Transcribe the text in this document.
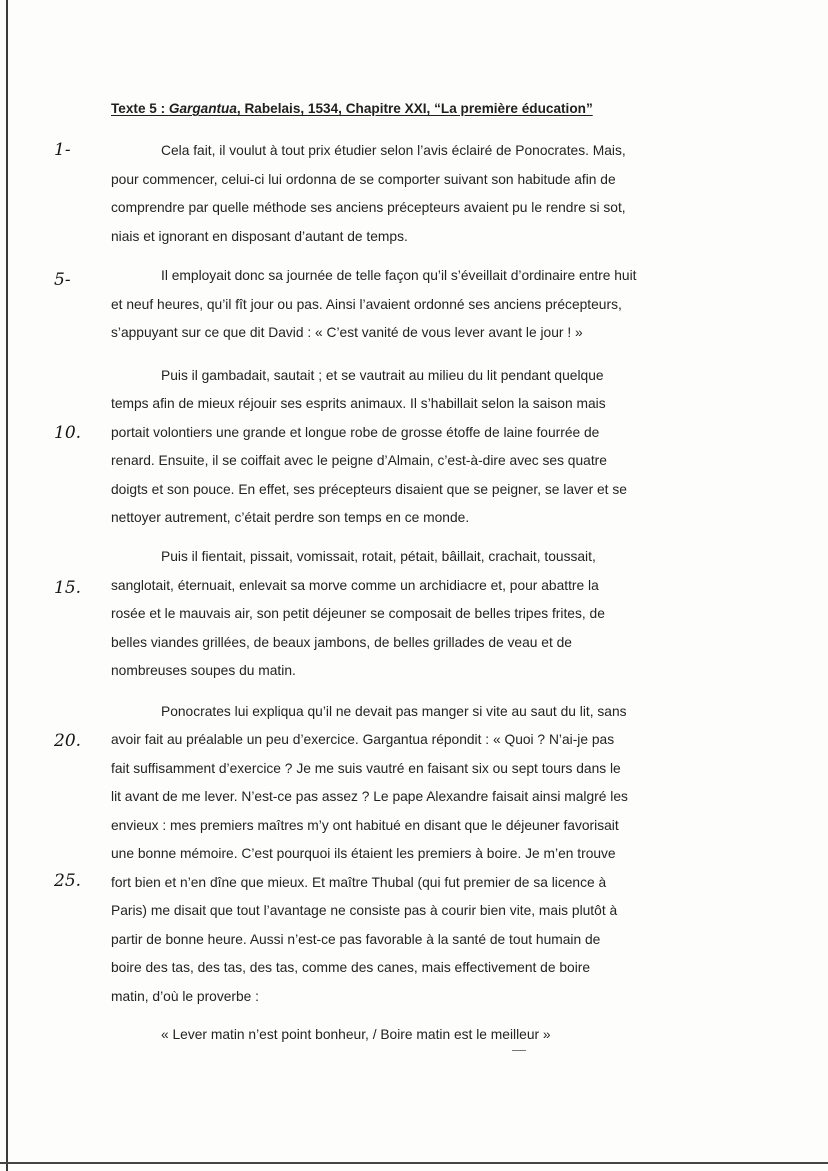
Texte 5 : Gargantua, Rabelais, 1534, Chapitre XXI, “La première éducation”
1-
5-
10.
15.
20.
25.
Cela fait, il voulut à tout prix étudier selon l’avis éclairé de Ponocrates. Mais,
pour commencer, celui-ci lui ordonna de se comporter suivant son habitude afin de
comprendre par quelle méthode ses anciens précepteurs avaient pu le rendre si sot,
niais et ignorant en disposant d’autant de temps.
Il employait donc sa journée de telle façon qu’il s’éveillait d’ordinaire entre huit
et neuf heures, qu’il fît jour ou pas. Ainsi l’avaient ordonné ses anciens précepteurs,
s’appuyant sur ce que dit David : « C’est vanité de vous lever avant le jour ! »
Puis il gambadait, sautait ; et se vautrait au milieu du lit pendant quelque
temps afin de mieux réjouir ses esprits animaux. Il s’habillait selon la saison mais
portait volontiers une grande et longue robe de grosse étoffe de laine fourrée de
renard. Ensuite, il se coiffait avec le peigne d’Almain, c’est-à-dire avec ses quatre
doigts et son pouce. En effet, ses précepteurs disaient que se peigner, se laver et se
nettoyer autrement, c’était perdre son temps en ce monde.
Puis il fientait, pissait, vomissait, rotait, pétait, bâillait, crachait, toussait,
sanglotait, éternuait, enlevait sa morve comme un archidiacre et, pour abattre la
rosée et le mauvais air, son petit déjeuner se composait de belles tripes frites, de
belles viandes grillées, de beaux jambons, de belles grillades de veau et de
nombreuses soupes du matin.
Ponocrates lui expliqua qu’il ne devait pas manger si vite au saut du lit, sans
avoir fait au préalable un peu d’exercice. Gargantua répondit : « Quoi ? N’ai-je pas
fait suffisamment d’exercice ? Je me suis vautré en faisant six ou sept tours dans le
lit avant de me lever. N’est-ce pas assez ? Le pape Alexandre faisait ainsi malgré les
envieux : mes premiers maîtres m’y ont habitué en disant que le déjeuner favorisait
une bonne mémoire. C’est pourquoi ils étaient les premiers à boire. Je m’en trouve
fort bien et n’en dîne que mieux. Et maître Thubal (qui fut premier de sa licence à
Paris) me disait que tout l’avantage ne consiste pas à courir bien vite, mais plutôt à
partir de bonne heure. Aussi n’est-ce pas favorable à la santé de tout humain de
boire des tas, des tas, des tas, comme des canes, mais effectivement de boire
matin, d’où le proverbe :
« Lever matin n’est point bonheur, / Boire matin est le meilleur »
